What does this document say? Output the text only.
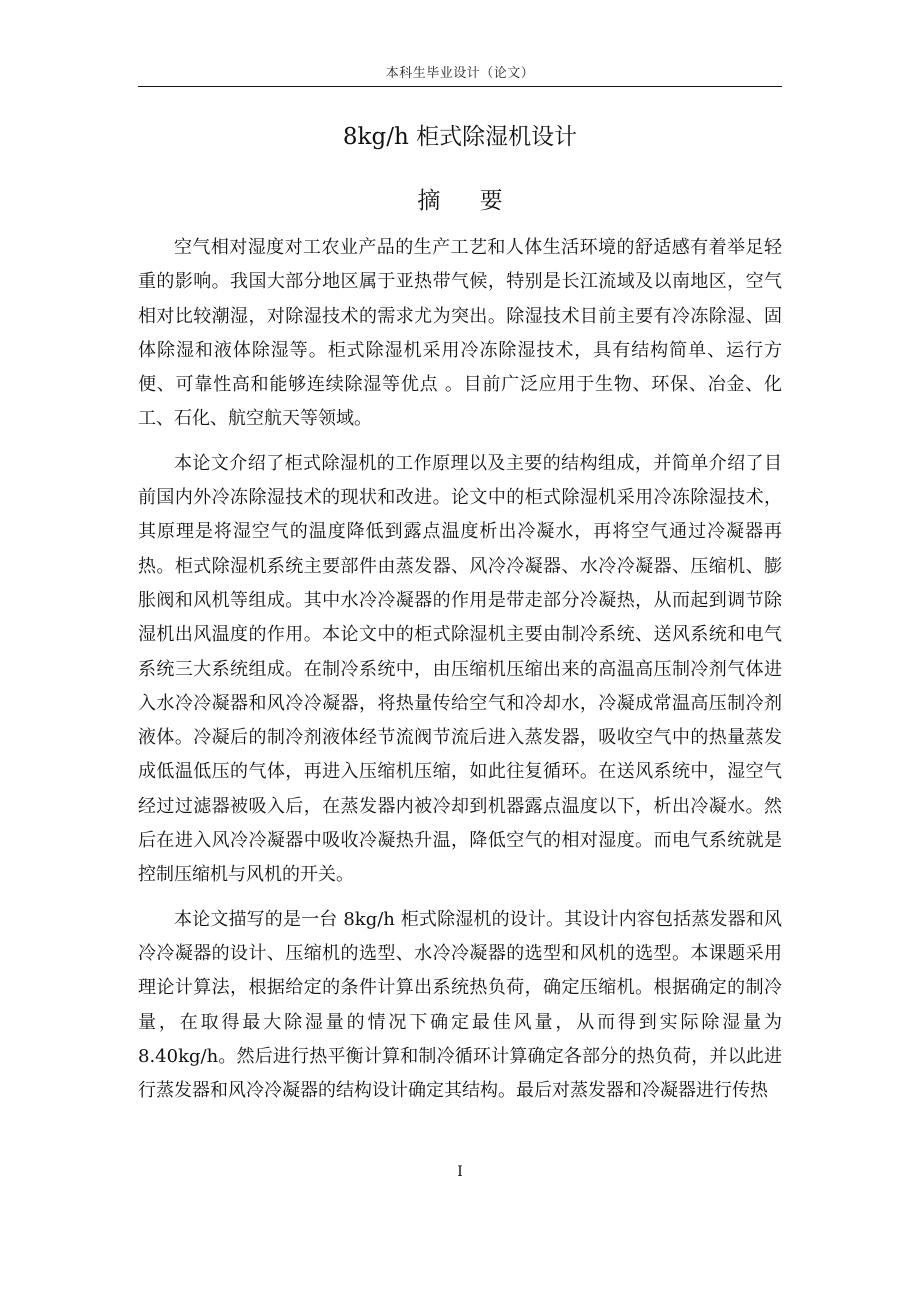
本科生毕业设计（论文）
8kg/h 柜式除湿机设计
摘 要

空气相对湿度对工农业产品的生产工艺和人体生活环境的舒适感有着举足轻重的影响。我国大部分地区属于亚热带气候，特别是长江流域及以南地区，空气相对比较潮湿，对除湿技术的需求尤为突出。除湿技术目前主要有冷冻除湿、固体除湿和液体除湿等。柜式除湿机采用冷冻除湿技术，具有结构简单、运行方便、可靠性高和能够连续除湿等优点 。目前广泛应用于生物、环保、冶金、化工、石化、航空航天等领域。

本论文介绍了柜式除湿机的工作原理以及主要的结构组成，并简单介绍了目前国内外冷冻除湿技术的现状和改进。论文中的柜式除湿机采用冷冻除湿技术，其原理是将湿空气的温度降低到露点温度析出冷凝水，再将空气通过冷凝器再热。柜式除湿机系统主要部件由蒸发器、风冷冷凝器、水冷冷凝器、压缩机、膨胀阀和风机等组成。其中水冷冷凝器的作用是带走部分冷凝热，从而起到调节除湿机出风温度的作用。本论文中的柜式除湿机主要由制冷系统、送风系统和电气系统三大系统组成。在制冷系统中，由压缩机压缩出来的高温高压制冷剂气体进入水冷冷凝器和风冷冷凝器，将热量传给空气和冷却水，冷凝成常温高压制冷剂液体。冷凝后的制冷剂液体经节流阀节流后进入蒸发器，吸收空气中的热量蒸发成低温低压的气体，再进入压缩机压缩，如此往复循环。在送风系统中，湿空气经过过滤器被吸入后，在蒸发器内被冷却到机器露点温度以下，析出冷凝水。然后在进入风冷冷凝器中吸收冷凝热升温，降低空气的相对湿度。而电气系统就是控制压缩机与风机的开关。

本论文描写的是一台 8kg/h 柜式除湿机的设计。其设计内容包括蒸发器和风冷冷凝器的设计、压缩机的选型、水冷冷凝器的选型和风机的选型。本课题采用理论计算法，根据给定的条件计算出系统热负荷，确定压缩机。根据确定的制冷量，在取得最大除湿量的情况下确定最佳风量，从而得到实际除湿量为 8.40kg/h。然后进行热平衡计算和制冷循环计算确定各部分的热负荷，并以此进行蒸发器和风冷冷凝器的结构设计确定其结构。最后对蒸发器和冷凝器进行传热

I
